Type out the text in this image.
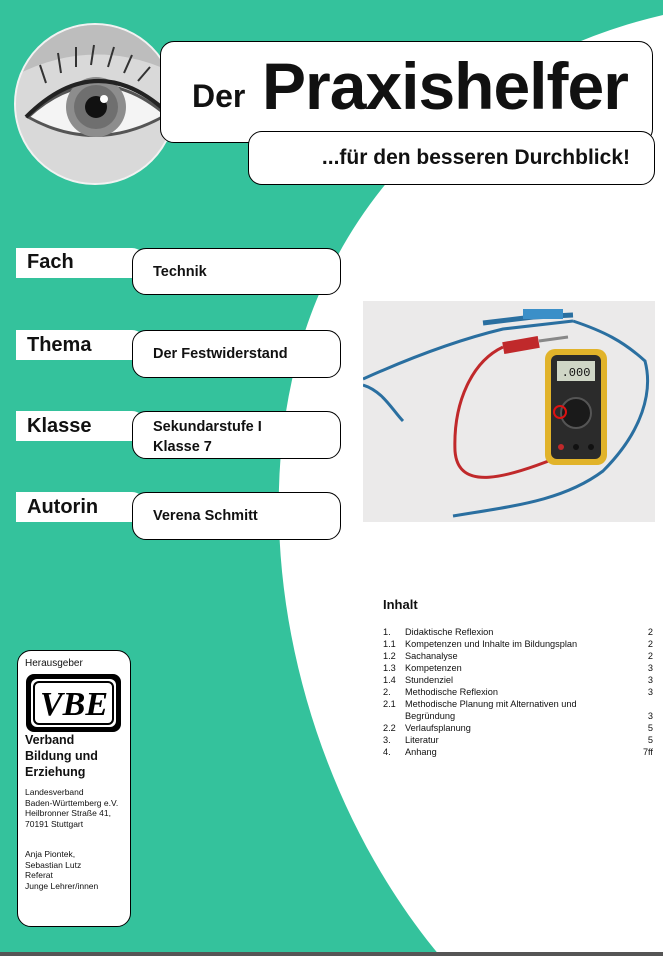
Der Praxishelfer
...für den besseren Durchblick!
Fach	Technik
Thema	Der Festwiderstand
Klasse	Sekundarstufe I
Klasse 7
Autorin	Verena Schmitt
.000
Inhalt
1. Didaktische Reflexion	2
1.1 Kompetenzen und Inhalte im Bildungsplan	2
1.2 Sachanalyse	2
1.3 Kompetenzen	3
1.4 Stundenziel	3
2. Methodische Reflexion	3
2.1 Methodische Planung mit Alternativen und
Begründung	3
2.2 Verlaufsplanung	5
3. Literatur	5
4. Anhang	7ff
Herausgeber
VBE
Verband
Bildung und
Erziehung
Landesverband
Baden-Württemberg e.V.
Heilbronner Straße 41,
70191 Stuttgart
Anja Piontek,
Sebastian Lutz
Referat
Junge Lehrer/innen
